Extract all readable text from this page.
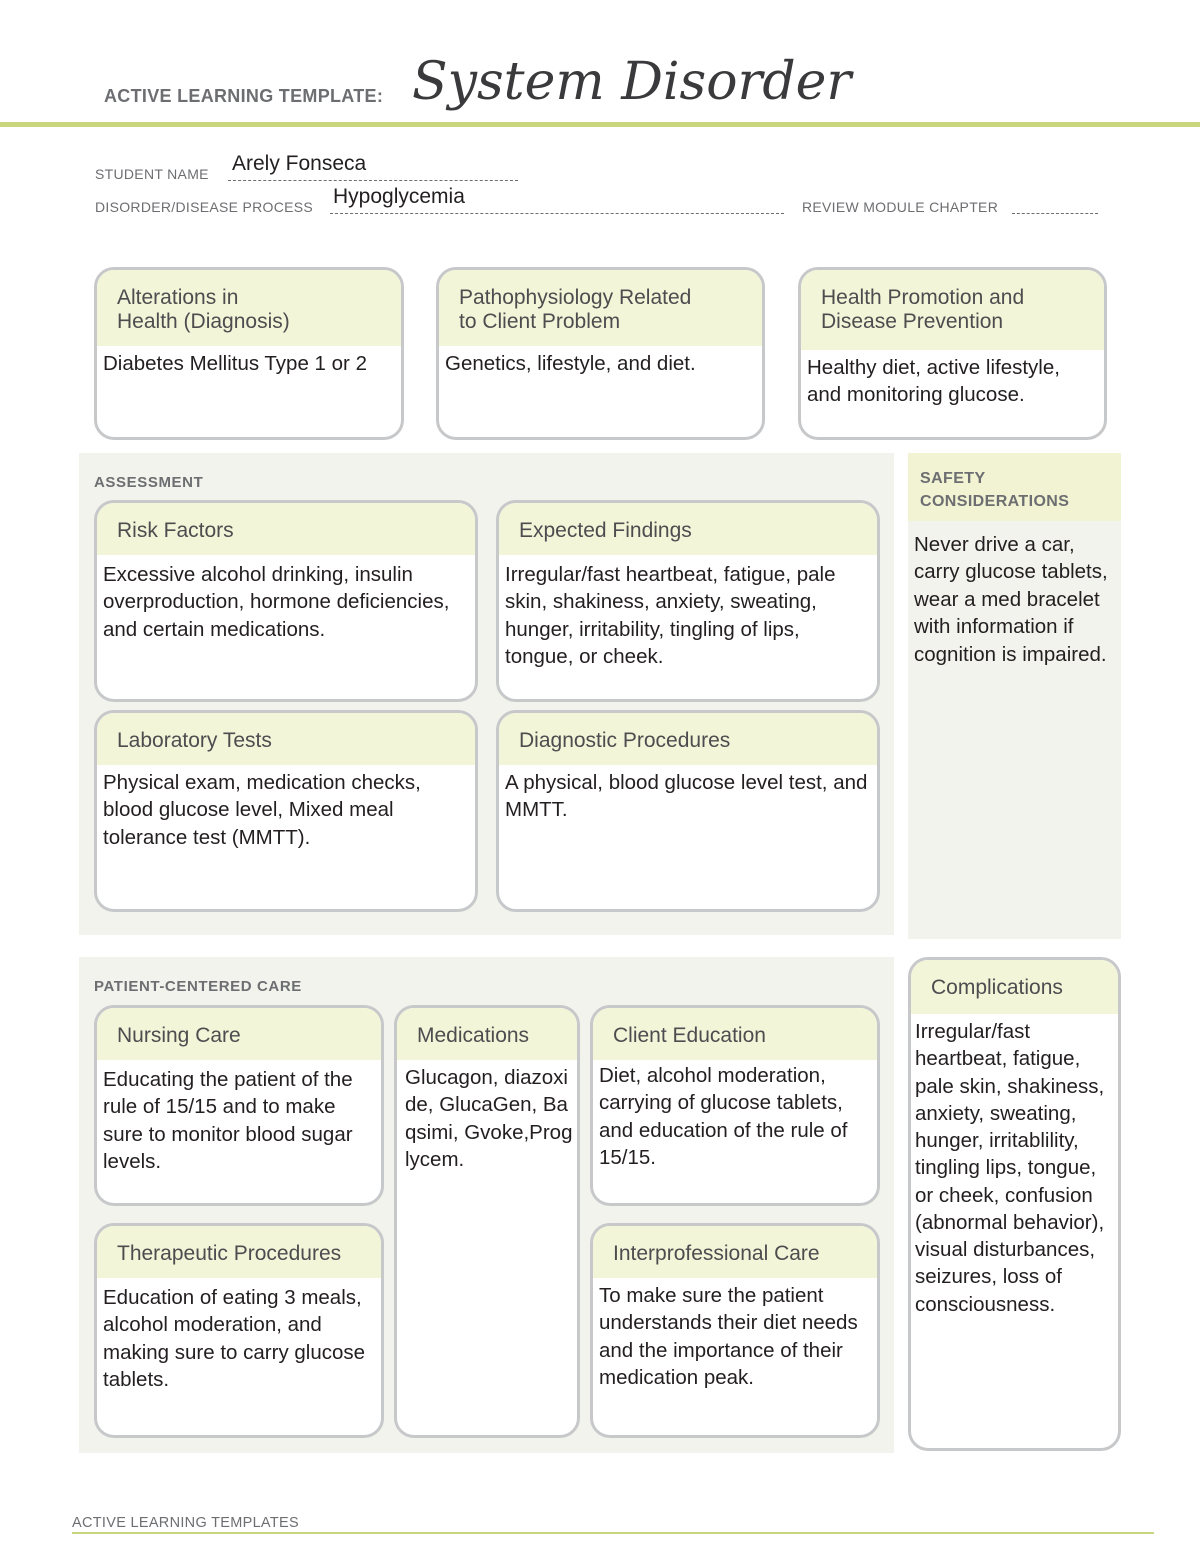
ACTIVE LEARNING TEMPLATE: System Disorder
STUDENT NAME Arely Fonseca
DISORDER/DISEASE PROCESS Hypoglycemia	REVIEW MODULE CHAPTER
Alterations in
Health (Diagnosis)
Diabetes Mellitus Type 1 or 2
Pathophysiology Related
to Client Problem
Genetics, lifestyle, and diet.
Health Promotion and
Disease Prevention
Healthy diet, active lifestyle, and monitoring glucose.
ASSESSMENT
Risk Factors
Excessive alcohol drinking, insulin overproduction, hormone deficiencies, and certain medications.
Expected Findings
Irregular/fast heartbeat, fatigue, pale skin, shakiness, anxiety, sweating, hunger, irritability, tingling of lips, tongue, or cheek.
Laboratory Tests
Physical exam, medication checks, blood glucose level, Mixed meal tolerance test (MMTT).
Diagnostic Procedures
A physical, blood glucose level test, and MMTT.
SAFETY
CONSIDERATIONS
Never drive a car, carry glucose tablets, wear a med bracelet with information if cognition is impaired.
PATIENT-CENTERED CARE
Nursing Care
Educating the patient of the rule of 15/15 and to make sure to monitor blood sugar levels.
Medications
Glucagon, diazoxide, GlucaGen, Baqsimi, Gvoke,Proglycem.
Client Education
Diet, alcohol moderation, carrying of glucose tablets, and education of the rule of 15/15.
Therapeutic Procedures
Education of eating 3 meals, alcohol moderation, and making sure to carry glucose tablets.
Interprofessional Care
To make sure the patient understands their diet needs and the importance of their medication peak.
Complications
Irregular/fast heartbeat, fatigue, pale skin, shakiness, anxiety, sweating, hunger, irritablility, tingling lips, tongue, or cheek, confusion (abnormal behavior), visual disturbances, seizures, loss of consciousness.
ACTIVE LEARNING TEMPLATES
